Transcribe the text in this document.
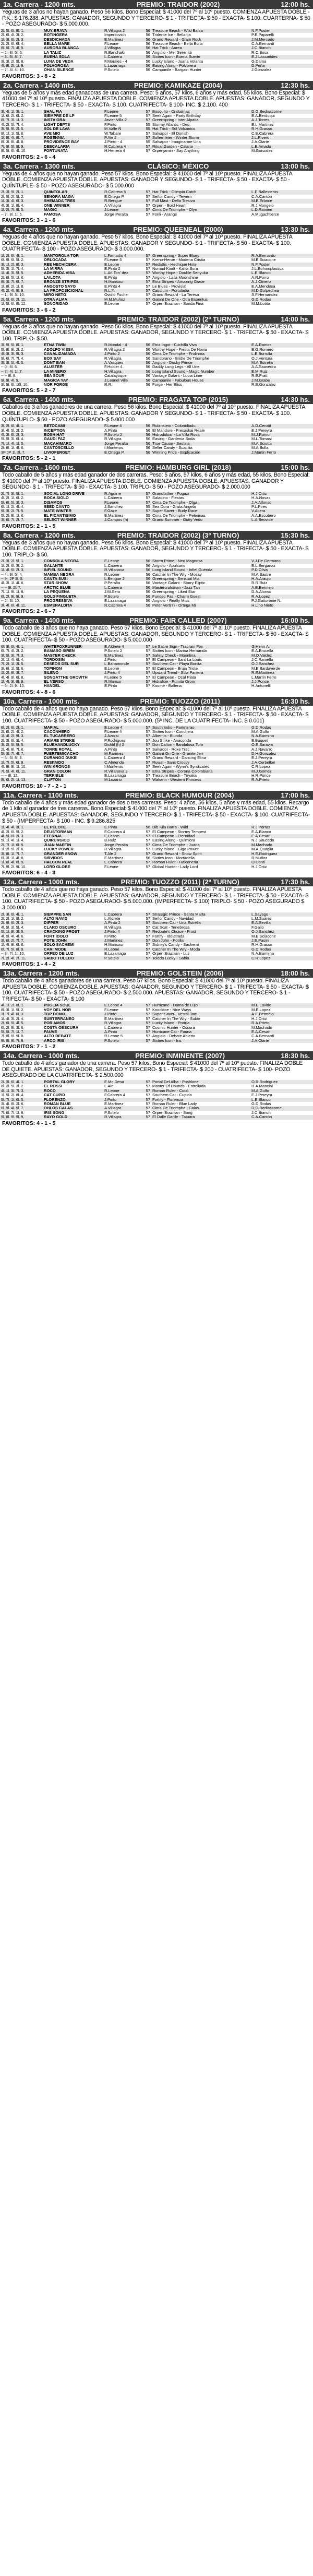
1a. Carrera - 1200 mts.	PREMIO: TRAIDOR (2002)	12:00 hs.
Yeguas de 3 años no hayan ganado. Peso 56 kilos. Bono Especial: $ 41000 del 7º al 10º puesto. COMIENZA APUESTA DOBLE - P.K.: $ 176.288. APUESTAS: GANADOR, SEGUNDO Y TERCERO- $ 1 - TRIFECTA- $ 50 - EXACTA- $ 100. CUARTERNA- $ 50 - POZO ASEGURADO- $ 5.000.000.
2l. 5l. 6l. 8l. 1.	MUY BRAVA	R.Villagra 2	56	Treasure Beach - Wild Bahia	N.F.Poster
2l. 6l. 4l. 3l. 2.	BOTINGERA	Imperkovich	56	Tridente Ice - Bellarija	P.E.Paparelli
1l. 3l. 6l. 2l. 3.	DESDICHADA	E.Martinez	56	Grand Reward - Glam Rock	J.M.Mercado
2l. 2l. 6l. 6l. 4.	BELLA MARE	F.Leone	56	Treasure Beach - Bella Bolla	C.A.Bernardi
8l. 5l. 7l. 4l. 5.	AURORA BLANCA	J.Villagra	56	Hat Trick - Aurea	J.C.Bianchi
-- 2l. 8l. 5l. 6.	LA TALIZ	R.Banchaki	56	Angiolo - Mer Serenitá	R.C.Sosa
-- 3l. 5l. 8l. 7.	BUENA SOLA	L.Cabrera	56	Sixties Icon - Buena Suerte	E.J.Lascarides
3l. 3l. 2l. 9l. 8.	LUNA DE VEDA	F.Morales - 4	56	Lucky Island - Juana Volanta	G.Dama
4l. 8l. 2l. 1l. 9.	POLVOROSA	L.Lazarraga	56	Easing Along - Polvorera	D.Peña
-- 7l. 4l. 4l. 10.	OHAN SILENCE	P.Sotelo	56	Campanile - Bargain Hunter	J.Gonzalez
FAVORITOS: 3 - 8 - 2
2a. Carrera - 1400 mts.	PREMIO: KAMIKAZE (2004)	12:30 hs.
Yeguas de 5 años y más edad ganadoras de una carrera. Peso: 5 años, 57 kilos, 6 años y más edad, 55 kilos. Bono Especial: $ 41000 del 7º al 10º puesto. FINALIZA APUESTA DOBLE. COMIENZA APUESTA DOBLE. APUESTAS: GANADOR, SEGUNDO Y TERCERO- $ 1 - TRIFECTA- $ 50 - EXACTA- $ 100. CUATRIFECTA- $ 100- INC. $ 2.100. 400
3l. 4l. 1l. 3l. 1.	SHAL FIA	F.Leone	57	Bosquito - Cristalinas	D.G.Bediascorne
1l. 6l. 2l. 6l. 2.	SIEMPRE DE LP	F.Leone 5	57	Seek Again - Party Birthday	E.A.Berduqui
8l. 7l. 3l. 1l. 3.	INSTA GRA	Javier Villa 2	57	Greenspring - Inter Alpatia	A.J.Torres
4l. 2l. 5l. 7l. 4.	LIGHT DEPTS	F.Pinto	55	Stormy Atlantic - Dep.	E.L.Martinez
3l. 5l. 9l. 2l. 5.	SOL DE LAVA	M.Valle Ñ	55	Hat Trick - Sol Volcánico	R.H.Grasso
9l. 1l. 1l. 5l. 6.	AVE MIO	W.Tabare	57	Salvapor - El Donish	C.E.Cabrera
1l. 8l. 4l. 8l. 7.	ROSENNIA	P.Ale 2	57	Sollee Ieter - Winter Storm	J.L.Rivero
8l. 3l. 8l. 4l. 8.	PROVIDENCE BAY	J.Pinto - 4	55	Salvapor - Imaginarme Una	J.A.Olarte
7l. 9l. 5l. 9l. 9.	DEECALARIA	R.Cabrera 4	57	Ritual Garden - Calaria	L.E.Amado
8l. 5l. 6l. 4l. 10.	FORTUNATA	H.Herrera 4	57	Orpenjamin - Say Anything	M.Gonzalez
FAVORITOS: 2 - 6 - 4
3a. Carrera - 1300 mts.	CLÁSICO: MÉXICO	13:00 hs.
Yeguas de 4 años que no hayan ganado. Peso 57 kilos. Bono Especial: $ 41000 del 7º al 10º puesto. FINALIZA APUESTA DOBLE. COMIENZA APUESTA DOBLE. APUESTAS: GANADOR Y SEGUNDO- $ 1 - TRIFECTA- $ 50 - EXACTA- $ 50 - QUÍNTUPLE- $ 50 - POZO ASEGURADO- $ 5.000.000
2l. 3l. 9l. 2l. 1.	QUINTOLAR	R.Cabrera 5	57	Hat Trick - Olimpia Catch	L.E.Ballesteros
2l. 5l. 2l. 5l. 2.	SEÑORA MAGA	E.Ortega P.	57	Señor Candy - Tewern	C.A.Cantón
1l. 3l. 4l. 6l. 3.	SHEMADA TRES	R.Bengue	57	Full Mast - Della Tresiva	M.E.Erbrice
4l. 3l. 1l. 8l. 4.	ONE WINNER	A.Villagra	57	Orpen - Bold Heart	R.J.Mongelo
1l. 2l. 7l. 9l. 5.	MAGIC	J.Leone	57	Cima De Triomphe - Olyn	L.D.Rainieri
-- 7l. 8l. 1l. 6.	FAMOSA	Jorge Peralta	57	Forili - Arange	A.Mugachtierce
FAVORITOS: 3 - 1 - 6
4a. Carrera - 1200 mts.	PREMIO: QUEENEAL (2000)	13:30 hs.
Yeguas de 4 años que no hayan ganado. Peso 57 kilos. Bono Especial: $ 41000 del 7º al 10º puesto. FINALIZA APUESTA DOBLE. COMIENZA APUESTA DOBLE. APUESTAS: GANADOR Y SEGUNDO- $ 1 - TRIFECTA- $ 50 - EXACTA- $ 100. CUATRIFECTA- $ 100 - POZO ASEGURADO- $ 3.000.000.
1l. 2l. 6l. 4l. 1.	MANTOROLA TOR	L.Famadio 4	57	Greenspring - Super Bluey	R.A.Bernardo
6l. 9l. 6l. 5l. 2.	ORLOCADA	F.Leone 5	57	Kreno-Heroe - Modena Cristia	M.E.Sciacone
3l. 1l. 2l. 8l. 3.	REE HECHICERA	E.Leone	57	Redattis - Hechique Hote	N.F.Poster
5l. 3l. 1l. 7l. 4.	LA MIRRA	E.Pinto 2	57	Nomad Kindt - Kallia Sura	J.L.Bohinoplastica
1l. 4l. 3l. 5l. 5.	ADHERIDA VISA	L.Arl Ton' dez	57	Worthy Hope - Double Senyuka	L.E.Blanco
2l. 6l. 5l. 1l. 6.	LAILOTA	E.Pinto	57	Angiolo - Laila Moonshine	A.R.Porro
8l. 3l. 7l. 6l. 7.	BRONZE STRIPES	H.Mansour	57	Etna Stripes - Amazing Grace	A.J.Olivero
1l. 8l. 2l. 1l. 8.	ANGOSTO SAYO	E.Pinto 4	57	Le Blues - Provisial	E.A.Mendosa
4l. 2l. 4l. 8l. 9.	LA PROPOSICIONAL	R.L.Y.	57	Catidium - Portuladia	M.D.Golpechea
-- 1l. 9l. 3l. 10.	MIRO NETO	Ovidio Fuche	57	Grand Reward - La Teresa	S.F.Hernandez
2l. 5l. 6l. 2l. 11.	OTRA ALMA	M.M.Muñoz	57	Galant De One - Otra Esperitus	G.D.Rodas
1l. 5l. 6l. 8l. 12.	SONORIDAD	E.Leone	57	Orpen Brazilian - Sonda Fina	M.M.Lotito
FAVORITOS: 3 - 6 - 2
5a. Carrera - 1200 mts.	PREMIO: TRAIDOR (2002) (2º TURNO)	14:00 hs.
Yeguas de 3 años que no hayan ganado. Peso 56 kilos. Bono Especial: $ 41000 del 7º al 10º puesto. FINALIZA APUESTA DOBLE. COMIENZA APUESTA DOBLE. APUESTAS: GANADOR, SEGUNDO Y TERCERO- $ 1 - TRIFECTA- $ 50 - EXACTA- $ 100. TRIPLO- $ 50.
3l. 5l. 5l. 8l. 1.	ETNA TWIN	R.Mondal - 4	56	Etna Ingot - Cuchilla Viva	E.A.Ramos
5l. 8l. 9l. 2l. 2.	ADOLFO VISSA	R.Villagra 2	56	Worthy Hope - Fiesta De Novia	E.G.Romero
4l. 3l. 3l. 9l. 3.	CANALIZAMADA	J.Pinto 2	56	Cima De Triomphe - Frolinora	L.E.Burrulla
9l. 6l. 7l. 7l. 4.	BOX SAY	R.Villagra	56	Sandbrano - Bridle De Triomphe	O.J.Ventura
3l. 3l. 5l. 4l. 5.	DONT BAN	A.Vasques	56	Angiolo - Dusky Prince	M.A.Estrella
-- 0l. 6l. 6.	ALUSTER	F.Holder 4	56	Daddy Long Legs - All Une	A.A.Saavedra
-- 7l. 4l. 1l. 7.	LA MINERO	H.Villagra	56	Long Island Sound - Magic Number	E.M.Ruiz
-- -- 8l. 8.	SEA SOUR	Catalayoque	56	Vantage Galant - Lucia Lime	R.E.Pratt
9l. 9l. 4l. 9.	MAGICA YAY	J.Leonel Ville	56	Campanile - Fabulous House	J.M.Grabe
3l. 9l. 6l. 10l. 10.	NOR FORGE	R.R.	56	Forge - Her Bliss	R.E.Gonzalez
FAVORITOS: 5 - 2 - 7
6a. Carrera - 1400 mts.	PREMIO: FRAGATA TOP (2015)	14:30 hs.
Caballos de 3 años ganadores de una carrera. Peso 56 kilos. Bono Especial: $ 41000 del 7º al 10º puesto. FINALIZA APUESTA DOBLE. COMIENZA APUESTA DOBLE. APUESTAS: GANADOR Y SEGUNDO- $ 1 - TRIFECTA- $ 50 - EXACTA- $ 100. QUÍNTUPLO- $ 50 - POZO ASEGURADO- $ 5.000.000
3l. 2l. 6l. 4l. 1.	BETOCAMI	F.Leone 4	56	Rubinstein - Colonidiadu	A.D.Cerotti
3l. 4l. 5l. 2l. 2.	INCEPTION	A.Pinto	56	El Mandure - Fresaskai Reale	E.J.Pereyra
4l. 3l. 6l. 2l. 3.	BOSH HAT	P.Sotelo 2	56	Hidroduloar - La Villa Rosa	M.J.Romo
5l. 5l. 3l. 6l. 4.	GAUDI FAZ	R.Villagra	56	Easing - Gardenia Soda	M.L.Tomasi
7l. 1l. 4l. 1l. 5.	MACAHIMARO	Jorge Peralta	56	True Cause - Sestina	M.A.Sciutta
2l. 8l. 1l. 4l. 6.	CANTOSCELLO	I.Monteros	56	Seller Candy - Scapilia	M.A.Bolla
3P 0P 1l. 3l. 7.	LIVIOFERGET	E.Ortega P.	56	Winning Price - Explicación	J.Martin Ferro
FAVORITOS: 5 - 2 - 1
7a. Carrera - 1600 mts.	PREMIO: HAMBURG GIRL (2018)	15:00 hs.
Todo caballo de 5 años y más edad ganador de dos carreras. Peso: 5 años, 57 kilos, 6 años y más edad, 55 kilos. Bono Especial: $ 41000 del 7º al 10º puesto. FINALIZA APUESTA DOBLE. COMIENZA APUESTA DOBLE. APUESTAS: GANADOR Y SEGUNDO- $ 1 - TRIFECTA- $ 50 - EXACTA- $ 100. TRIPLO- $ 50 - POZO ASEGURADO- $ 2.000.000
2l. 7l. 3l. 5l. 1.	SOCIAL LONG DRIVE	R.Aguirre	57	Grandfather - Fugazi	H.J.Ortiz
4l. 2l. 1l. 6l. 2.	BOCA SIGLO	L.Cabrera	57	Saladino - Fiestas	H.A.Novas
5l. 6l. 5l. 3l. 3.	DISAMOS	F.Leone	57	Cima De Triomphe - Olga	J.A.Alfonso
6l. 1l. 2l. 4l. 4.	SEED CANTO	J.Sanchez	55	Sea Dora - Gruta Angela	P.L.Pires
9l. 3l. 2l. 7l. 5.	MATE WINTER	F.Gaze	57	Super Saver - Burly Race	V.Acera
5l. 2l. 8l. 1l. 6.	EL PICANTISIMO	B.Martinez	55	Cima De Triomphe - Pelerinas	A.A.Escobero
3l. 6l. 7l. 2l. 7.	SELECT WINNER	J.Campos (h)	57	Grand Summer - Gutty Vedo	L.A.Beovide
FAVORITOS: 2 - 1 - 5
8a. Carrera - 1200 mts.	PREMIO: TRAIDOR (2002) (3º TURNO)	15:30 hs.
Yeguas de 3 años que no hayan ganado. Peso 56 kilos. Bono Especial: $ 41000 del 7º al 10º puesto. FINALIZA APUESTA DOBLE. COMIENZA APUESTA DOBLE. APUESTAS: GANADOR, SEGUNDO Y TERCERO- $ 1 - TRIFECTA- $ 50 - EXACTA- $ 100. TRIPLO- $ 50.
2l. 3l. 2l. 5l. 1.	CONSOLA NEGRA	E.Leone	56	Storm Prime - Neo Magnosa	V.J.De Germano
1l. 2l. 6l. 3l. 2.	GALANTE	L.Cabrera	56	Angiolo - Apulsano	E.L.Berganaz
1l. 4l. 5l. 2l. 3.	INFIEL SOUND	R.Villanova	56	Long Island Sound - Infiel Guerida	P.D.Oliva
-- 4l. 9l. 5l. 4.	MAMBA NEGRA	R.Leone	56	Catcher In The Wry - Mosay	M.A.Sastre
-- 9l. 2P 3l. 5.	CANTA SUSI	L.Bengue 2	56	Greenspring - Sensual Mia	H.A.Araujo
4l. 3l. 1l. 4l. 6.	STAR SHOW	P.Peralta	56	Vantage Galant - Starry Eliptic	R.R.Ruiz
-- -- 9l. 2l. 7.	ARCTIC BLUE	L.Cabrera	56	Mastercrafsman - Jazz Tan	A.E.Bermejo
7l. 1l. 9l. 1l. 8.	LA PEQUEÑA	J.M.Sero	56	Greenspring - Liked Star	D.A.Alonso
6l. 2l. 9l. 9l. 9.	GOLD FINGUETA	P.Sotelo	56	Furioso Pas - Charm Guest	R.A.Lopez
-- 2l. 3l. 10.	PROGRESSIVA	E.Lazarraga	56	Angiolo - Really Miss	P.J.Gattoronie N.
3l. 4l. 6l. 4l. 11.	ESMERALDITA	R.Cabrera 4	56	Peter Vert(?) - Ortega Mi	H.Lino Nieto
FAVORITOS: 2 - 6 - 7
9a. Carrera - 1400 mts.	PREMIO: FAIR CALLED (2007)	16:00 hs.
Todo caballo de 3 años que no haya ganado. Peso 57 kilos. Bono Especial: $ 41000 del 7º al 10º puesto. FINALIZA APUESTA DOBLE. COMIENZA APUESTA DOBLE. APUESTAS: GANADOR, SEGUNDO Y TERCERO- $ 1 - TRIFECTA- $ 50 - EXACTA- $ 100. CUATRIFECTA- $ 50 - POZO ASEGURADO- $ 5.000.000
6l. 3l. 6l. 4l. 1.	WHITEFOXRUNNER	E.Aldrete 4	57	Le Sacre Sign - Traprain Fox	G.Henn A.
6l. 7l. 4l. 2l. 2.	BAMASO SIREN	P.Sotelo 2	57	Sixties Icon - Marina Hernanda	E.A.Brucella
3l. 5l. 3l. 7l. 3.	MASTER CHECK	E.Martinez	57	Safety Check - Moonlina	M.O.Valdez
2l. 1l. 4l. 6l. 4.	TORDOSIN	J.Pinto	57	El Campeon - Sant La Louis	J.C.Ramella
7l. 2l. 1l. 3l. 5.	DESEOS DEL SUR	L.Bahamonde	57	Southern Cat - Playa Bonita	O.J.Sanchez
3l. 6l. 1l. 5l. 6.	TOPIÑON	E.Leone	57	El Campeon - Bruja Triste	M.E.Bardaverde
1l. 2l. 8l. 3l. 7.	SILENO	J.Pinto 4	57	Upward Trend - Stila Paneira	R.E.Martinez
4l. 4l. 9l. 6l. 8.	SONGATTHE GROWTH	F.Leone 5	57	El Campeon - Ocal Plata	L.Martin Ferro
1l. 4l. 3l. 8l. 9.	EL VERSO	R.Mansur	57	Hidrafioe - Pumita Grom	J.J.Ponce
-- 6l. 2l. 9l. 10.	HANDEL	E.Pinto	57	Koomé - Ballena	H.Antonelli
FAVORITOS: 4 - 8 - 6
10a. Carrera - 1000 mts.	PREMIO: TUOZZO (2011)	16:30 hs.
Todo caballo de 4 años que no haya ganado. Peso 57 kilos. Bono Especial: $ 41000 del 7º al 10º puesto. FINALIZA APUESTA DOBLE. COMIENZA APUESTA DOBLE. APUESTAS: GANADOR, SEGUNDO Y TERCERO- $ 1 - TRIFECTA- $ 50 - EXACTA- $ 100. CUATRIFECTA- $ 50 - POZO ASEGURADO- $ 5.000.000. (5ª INC. DE LA CUATRIFECTA- INC. $ 0.001)
6l. 2l. 6l. 2l. 1.	MAFIAL	E.Leone 4	57	South Indio - Parteterao	G.D.Rodas
2l. 6l. 2l. 4l. 2.	CACONHERO	F.Leone 4	57	Sixties Icon - Conchera	M.A.Gulfo
1l. 4l. 2l. 9l. 3.	EL TUCARRERO	J.Azorai	57	Albentis - Blunda	N.A.Barmina
2l. 3l. 6l. 3l. 4.	ARIARE STRIKE	P.Rodriguez	57	Jou Strike - Anaconda	E.Buquet
3l. 2l. 5l. 5l. 5.	BLUEHANDLUCKY	Dickfil (h) 2	57	Don Dalton - Bandalosa Toro	O.E.Saravia
2l. 4l. 8l. 7l. 6.	TORRE ROYAL	A.Pinto	57	Salvador - Roxe Trac	A.J.Navarro
5l. 3l. 7l. 4l. 7.	FUERTEMICACHO	M.Ramirez	57	Galant On One - Granite Jen	D.H.Gonzalez
-- 5l. 6l. 8l. 8.	DURANGO DUKE	L.Cabrera 4	57	Grand Reward - Dancing Elina	E.J.Pereyra
1l. 7l. 5l. 6l. 9.	RESPAIDO	C.Almendo	57	Ruwal - Sans Crossy	J.A.Cerbellon
4l. 9l. 9l. 1l. 10.	WIN KRONOS	I.Monteros	57	Seek Again - Wynn's Syndicated	C.R.Lopez
7l. 5l. 4l. 6l. 11.	GRAN COLON	R.Villanova 2	57	Etna Stripes - Corona Colombiana	M.J.Gomez
-- -- 8l. 12.	TERRIBLE	E.Lazarraga	57	Treasure Beach - Tiryaka	H.R.Ponce
8l. 6l. 2l. 1l. 13.	CLIFTON	M.Lozano	57	Wakarin - Western Princess	R.A.Prieto
FAVORITOS: 10 - 7 - 2 - 1
11a. Carrera - 1100 mts.	PREMIO: BLACK HUMOUR (2004)	17:00 hs.
Todo caballo de 4 años y más edad ganador de dos o tres carreras. Peso: 4 años, 56 kilos, 5 años y más edad, 55 kilos. Recargo de 1 kilo al ganador de tres carreras. Bono Especial: $ 41000 del 7º al 10º puesto. FINALIZA APUESTA DOBLE. COMIENZA APUESTA DOBLE. APUESTAS: GANADOR, SEGUNDO Y TERCERO- $ 1 - TRIFECTA- $ 50 - EXACTA- $ 100. CUATRIFECTA- $ 50 - (IMPERFECTA- $ 100 - INC. $ 9.286.825
1l. 4l. 4l. 3l. 1.	EL PELOTE	E.Pinto	56	Dib Kila Barra - Wild	R.J.Porras
4l. 2l. 6l. 5l. 2.	DEUSTORMAN	F.Cabrera 4	57	El Campeon - Stormy Tempest	E.A.Blanco
4l. 5l. 8l. 2l. 3.	ETERNAL	E.Leone	57	El Campeon - Eternidad	E.A.Cesari
5l. 1l. 4l. 1l. 4.	QUIRÚRGICO	B.Ruiz	57	Easing Along - Quimiora	N.J.Saucedo
2l. 7l. 1l. 6l. 5.	JUAN MARTIN	Jorge Peralta	57	Cima De Triomphe - Juana	M.Machado
1l. 2l. 5l. 2l. 6.	LUCKY POWER	R.Villagra	57	Lucky Island - Giga Power	M.A.Quaglia
3l. 8l. 1l. 7l. 7.	GRANDER SNOW	T.Ale 2	57	Grand Reward - Snow Spirit	H.E.Rodriguez
6l. 3l. 1l. 4l. 8.	SIRVIDOS	E.Martinez	56	Sixties Icon - Mortadella	R.Muñoz
1l. 6l. 4l. 8l. 9.	HALCON REAL	L.Cabrera	57	Roman Ruler - Halconeria	O.Conti
7l. 9l. 2l. 9l. 10.	LORD GLOBE	F.Leone	57	Global Hunter - Lady Lord	H.J.Ortiz
FAVORITOS: 6 - 4 - 3
12a. Carrera - 1000 mts.	PREMIO: TUOZZO (2011) (2º TURNO)	17:30 hs.
Todo caballo de 4 años que no haya ganado. Peso 57 kilos. Bono Especial: $ 41000 del 7º al 10º puesto. FINALIZA APUESTA DOBLE. COMIENZA APUESTA DOBLE. APUESTAS: GANADOR, SEGUNDO Y TERCERO- $ 1 - TRIFECTA- $ 50 - EXACTA- $ 100. CUATRIFECTA- $ 50 - POZO ASEGURADO- $ 5.000.000. (IMPERFECTA- $ 100) TRIPLO- $ 50 - POZO ASEGURADO $ 3.000.000
2l. 3l. 6l. 4l. 1.	SIEMPRE SAN	L.Cabrera	57	Strategic Prince - Santa Marta	L.Sayago
2l. 2l. 1l. 9l. 2.	ALTO NAVID	L.Aldrete	57	Señor Candy - Navidad	L.M.Suárez
2l. 9l. 6l. 2l. 3.	DIPPER	A.Pinto 2	57	Southern Cat - Una Estrella	E.A.Sevilla
4l. 5l. 3l. 5l. 4.	CLARO OSCURO	R.Villagra	57	Cat Scat - Tenebrosa	F.Gallo
5l. 1l. 8l. 3l. 5.	CRACKING FROST	J.Pinto 4	57	Redoute's Choice - Frost	O.J.Sanchez
4l. 5l. 4l. 4l. 6.	FORT IDOLO	F.Pinto	57	Fortify - Idolatrada	M.E.Sciacone
3l. 6l. 2l. 7l. 7.	POTE JOHN	J.Martinez	57	Don John - Potilla	J.E.Pasini
1l. 4l. 9l. 6l. 8.	SOLO SACHEMI	H.Mansour	57	Sidney's Candy - Sachemí	R.H.Grasso
6l. 7l. 5l. 8l. 9.	CARI MODE	R.Leone	57	Catcher In The Wry - Moda	G.D.Rodas
-- 8l. 7l. 1l. 10.	ORFEO DE LUZ	E.Lazarraga	57	Orpen Brazilian - Luz	N.A.Barmina
7l. 2l. 4l. 2l. 11.	SABIO TOLEDO	P.Sotelo	57	Toledo Lucky - Sabia	C.R.Lopez
FAVORITOS: 1 - 4 - 2
13a. Carrera - 1200 mts.	PREMIO: GOLSTEIN (2006)	18:00 hs.
Todo caballo de 4 años ganadores de una carrera. Peso 57 kilos. Bono Especial: $ 41000 del 7º al 10º puesto. FINALIZA APUESTA DOBLE. COMIENZA DOBLE. APUESTAS: GANADOR, SEGUNDO Y TERCERO- $ 1 - TRIFECTA- $ 50 - EXACTA- $ 100. CUATRIFECTA- $ 50 - POZO ASEGURADO- $ 2.500.000. APUESTAS: GANADOR, SEGUNDO Y TERCERO- $ 1 - TRIFECTA- $ 50 - EXACTA- $ 100
4l. 1l. 2l. 8l. 1.	PUGLIA SOUL	E.Leone 4	57	Hurricane - Dama de Lujo	M.E.Lavide
8l. 3l. 1l. 5l. 2.	VOY DEL NOR	F.Leone	57	Knocktoe - Nice Ways	M.E.Lopez
3l. 7l. 4l. 6l. 3.	TOP DEMO	J.Pinto	57	Super Saver - Vestal Jam	A.E.Bermejo
1l. 4l. 3l. 2l. 4.	SUBTERRANEO	E.Martinez	57	Catcher In The Wry - Subte	H.J.Ortiz
2l. 6l. 5l. 4l. 5.	POR AMOR	R.Villagra	57	Lucky Island - Poriría	R.A.Prieto
6l. 2l. 9l. 3l. 6.	COSTA OBSCURA	L.Cabrera	57	Cosmic Hunter - Oscura	M.Machado
5l. 5l. 7l. 1l. 7.	FAUVE	A.Pinto	57	Hurricane Cat - Fauna	E.A.Cesari
7l. 8l. 6l. 9l. 8.	ALTO DEBATE	R.Leone 5	57	Angiolo - Debate Abierto	C.A.Bernardi
9l. 9l. 8l. 7l. 9.	ARCO IRIS	P.Sotelo	57	Sixties Icon - Iris	J.A.Olarte
FAVORITOS: 7 - 1 - 2
14a. Carrera - 1000 mts.	PREMIO: INMINENTE (2007)	18:30 hs.
Todo caballo de 4 años ganador de una carrera. Peso 57 kilos. Bono Especial: $ 41000 del 7º al 10º puesto. FINALIZA DOBLE DE QUIETE. APUESTAS: GANADOR, SEGUNDO Y TERCERO- $ 1 - TRIFECTA- $ 200 - CUATRIFECTA- $ 100- POZO ASEGURADO DE LA CUATRIFECTA- $ 2.500.000
2l. 3l. 6l. 4l. 1.	PORTAL GLORY	E.Mc Dena	57	Portal Del Alba - Poshlone	O.R.Rodriguez
8l. 2l. 5l. 3l. 2.	EL ROSSI	L.Ale	57	Master Of Hounds - Estrellada	H.A.Mancini
4l. 1l. 3l. 7l. 3.	ROCO	R.Leone	57	Roman Ruler - Cocó	M.A.Gulfo
1l. 5l. 2l. 8l. 4.	CAT CUPID	F.Cabrera 4	57	Southern Cat - Cupida	E.J.Pereyra
5l. 7l. 1l. 6l. 5.	FLORENZO	J.Pinto	57	Fortify - Florencia	L.E.Blanco
3l. 4l. 8l. 2l. 6.	ROMAN BLUE	E.Martinez	57	Roman Ruler - Blue Lady	G.D.Rodas
6l. 9l. 4l. 5l. 7.	OHLOS CALAS	A.Villagra	57	Cima De Triomphe - Calas	D.G.Bediascorne
7l. 6l. 7l. 1l. 8.	IRIS SONG	P.Sotelo	57	Orpen Brazilian - Song	J.C.Bianchi
9l. 8l. 9l. 9l. 9.	RAYO GOLD	R.Villagra	57	El Dalle Garde - Tatuara	C.A.Cantón
FAVORITOS: 4 - 1 - 5
